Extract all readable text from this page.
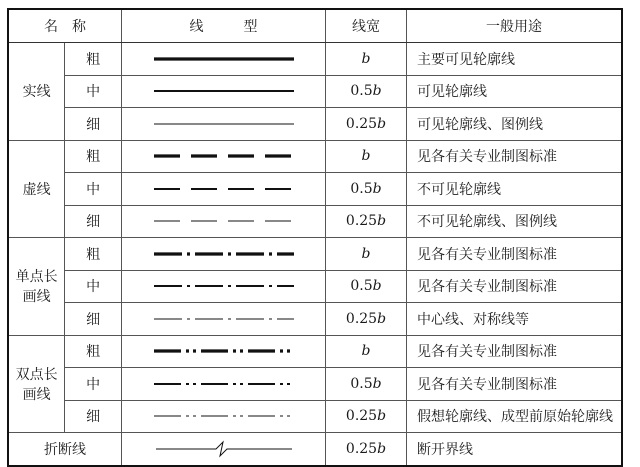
名称		线型	线宽	一般用途
实线	粗		b	主要可见轮廓线
	中		0.5b	可见轮廓线
	细		0.25b	可见轮廓线、图例线
虚线	粗		b	见各有关专业制图标准
	中		0.5b	不可见轮廓线
	细		0.25b	不可见轮廓线、图例线
单点长画线	粗		b	见各有关专业制图标准
	中		0.5b	见各有关专业制图标准
	细		0.25b	中心线、对称线等
双点长画线	粗		b	见各有关专业制图标准
	中		0.5b	见各有关专业制图标准
	细		0.25b	假想轮廓线、成型前原始轮廓线
折断线			0.25b	断开界线
